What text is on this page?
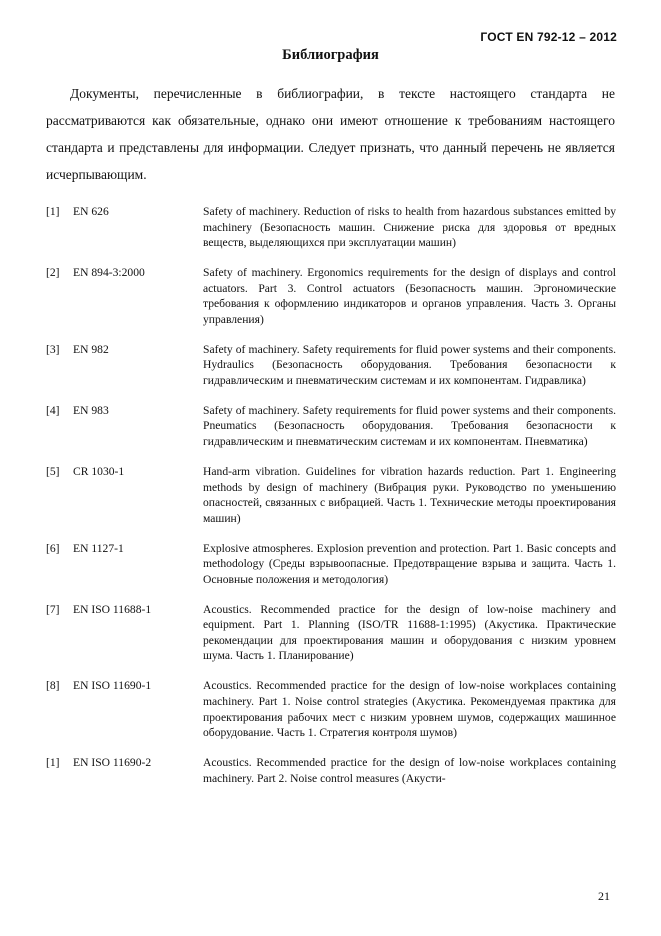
ГОСТ EN 792-12 – 2012
Библиография

Документы, перечисленные в библиографии, в тексте настоящего стандарта не рассматриваются как обязательные, однако они имеют отношение к требованиям настоящего стандарта и представлены для информации. Следует признать, что данный перечень не является исчерпывающим.

[1]	EN 626	Safety of machinery. Reduction of risks to health from hazardous substances emitted by machinery (Безопасность машин. Снижение риска для здоровья от вредных веществ, выделяющихся при эксплуатации машин)
[2]	EN 894-3:2000	Safety of machinery. Ergonomics requirements for the design of displays and control actuators. Part 3. Control actuators (Безопасность машин. Эргономические требования к оформлению индикаторов и органов управления. Часть 3. Органы управления)
[3]	EN 982	Safety of machinery. Safety requirements for fluid power systems and their components. Hydraulics (Безопасность оборудования. Требования безопасности к гидравлическим и пневматическим системам и их компонентам. Гидравлика)
[4]	EN 983	Safety of machinery. Safety requirements for fluid power systems and their components. Pneumatics (Безопасность оборудования. Требования безопасности к гидравлическим и пневматическим системам и их компонентам. Пневматика)
[5]	CR 1030-1	Hand-arm vibration. Guidelines for vibration hazards reduction. Part 1. Engineering methods by design of machinery (Вибрация руки. Руководство по уменьшению опасностей, связанных с вибрацией. Часть 1. Технические методы проектирования машин)
[6]	EN 1127-1	Explosive atmospheres. Explosion prevention and protection. Part 1. Basic concepts and methodology (Среды взрывоопасные. Предотвращение взрыва и защита. Часть 1. Основные положения и методология)
[7]	EN ISO 11688-1	Acoustics. Recommended practice for the design of low-noise machinery and equipment. Part 1. Planning (ISO/TR 11688-1:1995) (Акустика. Практические рекомендации для проектирования машин и оборудования с низким уровнем шума. Часть 1. Планирование)
[8]	EN ISO 11690-1	Acoustics. Recommended practice for the design of low-noise workplaces containing machinery. Part 1. Noise control strategies (Акустика. Рекомендуемая практика для проектирования рабочих мест с низким уровнем шумов, содержащих машинное оборудование. Часть 1. Стратегия контроля шумов)
[1]	EN ISO 11690-2	Acoustics. Recommended practice for the design of low-noise workplaces containing machinery. Part 2. Noise control measures (Акусти-
21
